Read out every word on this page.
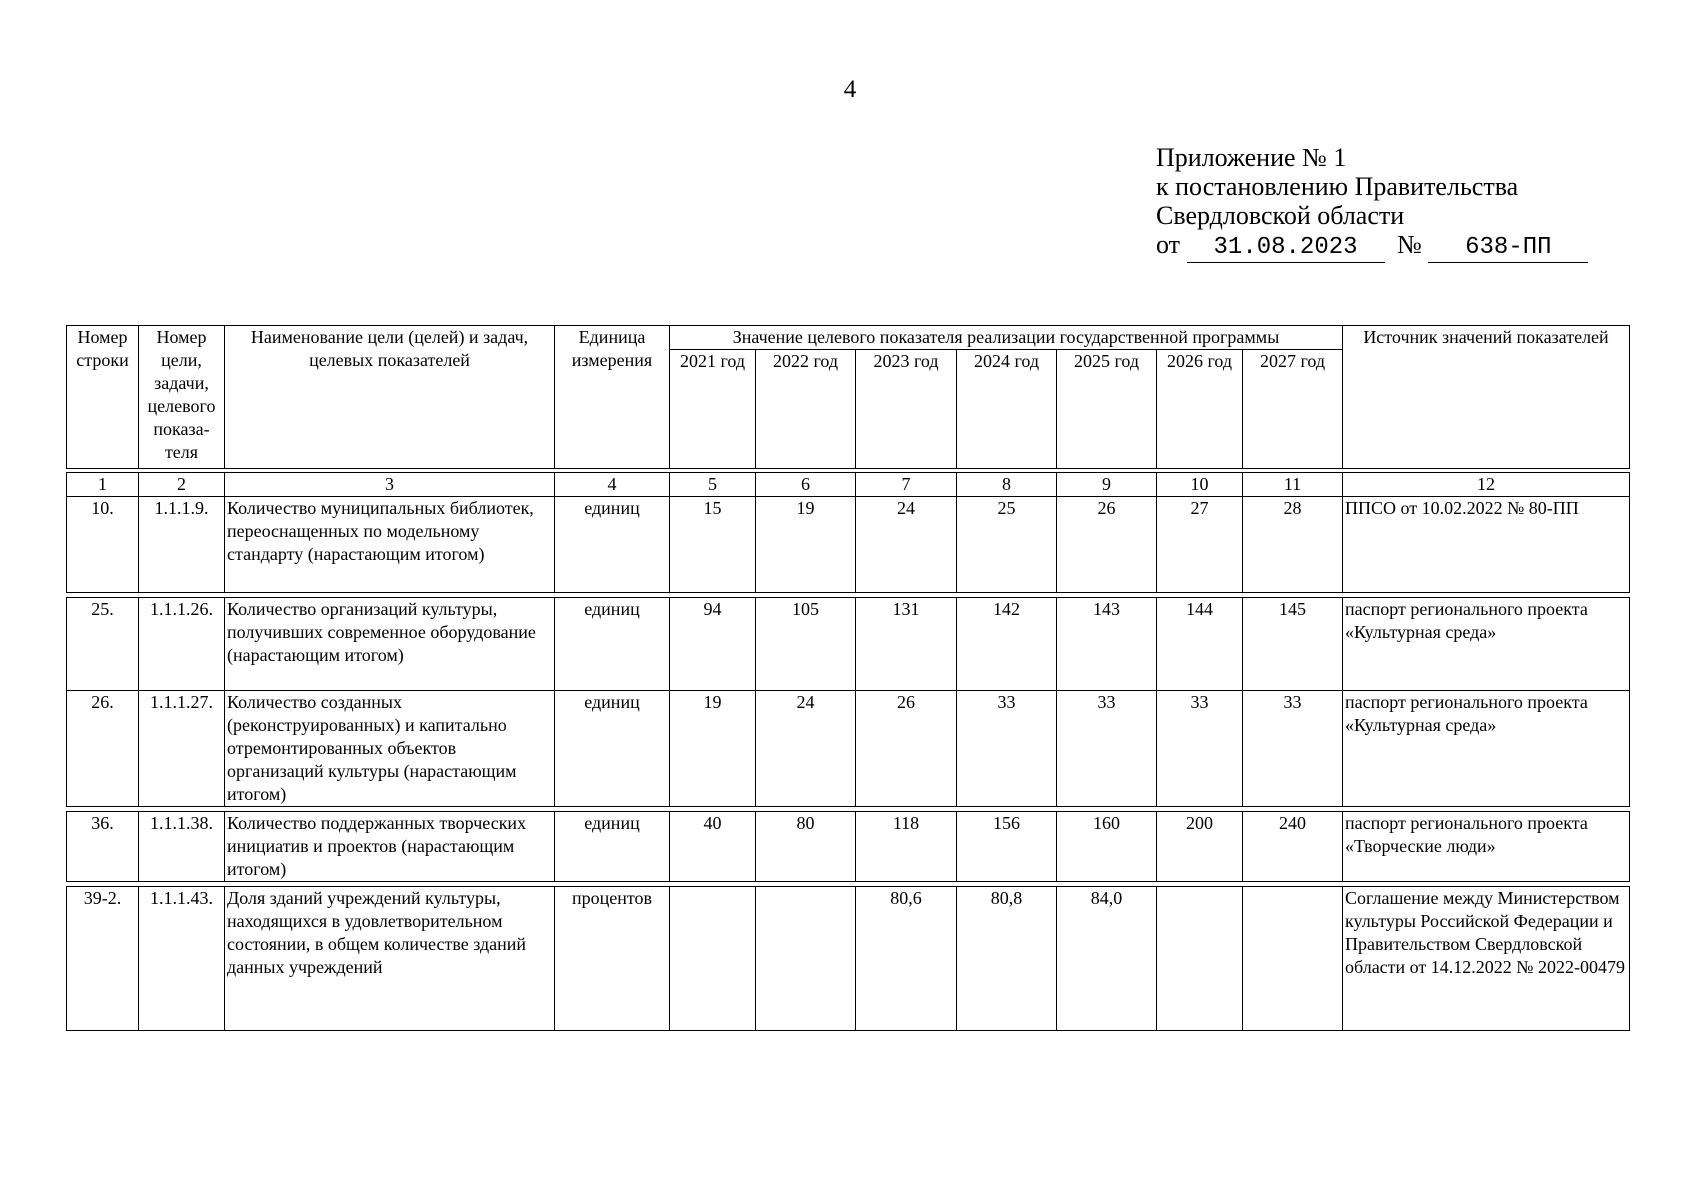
4
Приложение № 1
к постановлению Правительства
Свердловской области
от 31.08.2023 № 638-ПП
Номер строки	Номер цели, задачи, целевого показа- теля	Наименование цели (целей) и задач, целевых показателей	Единица измерения	Значение целевого показателя реализации государственной программы							Источник значений показателей
				2021 год	2022 год	2023 год	2024 год	2025 год	2026 год	2027 год	
1	2	3	4	5	6	7	8	9	10	11	12
10.	1.1.1.9.	Количество муниципальных библиотек, переоснащенных по модельному стандарту (нарастающим итогом)	единиц	15	19	24	25	26	27	28	ППСО от 10.02.2022 № 80-ПП
25.	1.1.1.26.	Количество организаций культуры, получивших современное оборудование (нарастающим итогом)	единиц	94	105	131	142	143	144	145	паспорт регионального проекта «Культурная среда»
26.	1.1.1.27.	Количество созданных (реконструированных) и капитально отремонтированных объектов организаций культуры (нарастающим итогом)	единиц	19	24	26	33	33	33	33	паспорт регионального проекта «Культурная среда»
36.	1.1.1.38.	Количество поддержанных творческих инициатив и проектов (нарастающим итогом)	единиц	40	80	118	156	160	200	240	паспорт регионального проекта «Творческие люди»
39-2.	1.1.1.43.	Доля зданий учреждений культуры, находящихся в удовлетворительном состоянии, в общем количестве зданий данных учреждений	процентов			80,6	80,8	84,0			Соглашение между Министерством культуры Российской Федерации и Правительством Свердловской области от 14.12.2022 № 2022-00479
